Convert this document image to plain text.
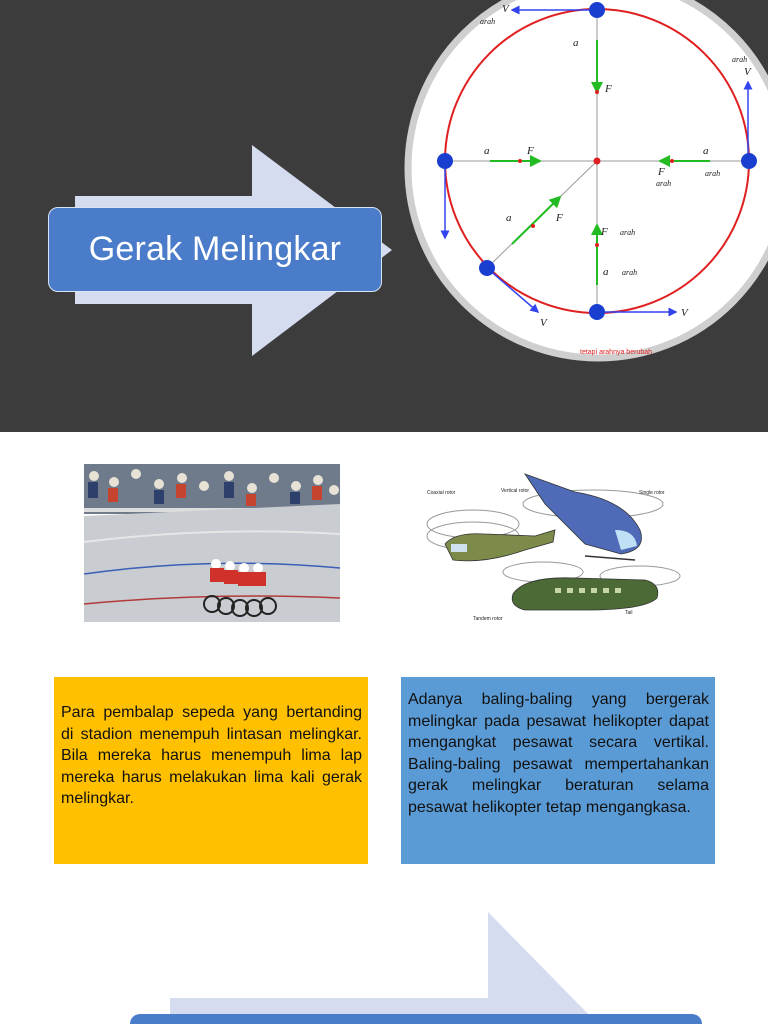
Gerak Melingkar
V
arah
a
F
arah
V
a	F	a
arah
F
arah
a	F
F arah
a arah
V
V
tetapi arahnya berubah
Coaxial rotor	Single rotor
Tandem rotor
Vertical rotor
Tail
Para pembalap sepeda yang bertanding di stadion menempuh lintasan melingkar. Bila mereka harus menempuh lima lap mereka harus melakukan lima kali gerak melingkar.
Adanya baling-baling yang bergerak melingkar pada pesawat helikopter dapat mengangkat pesawat secara vertikal. Baling-baling pesawat mempertahankan gerak melingkar beraturan selama pesawat helikopter tetap mengangkasa.
